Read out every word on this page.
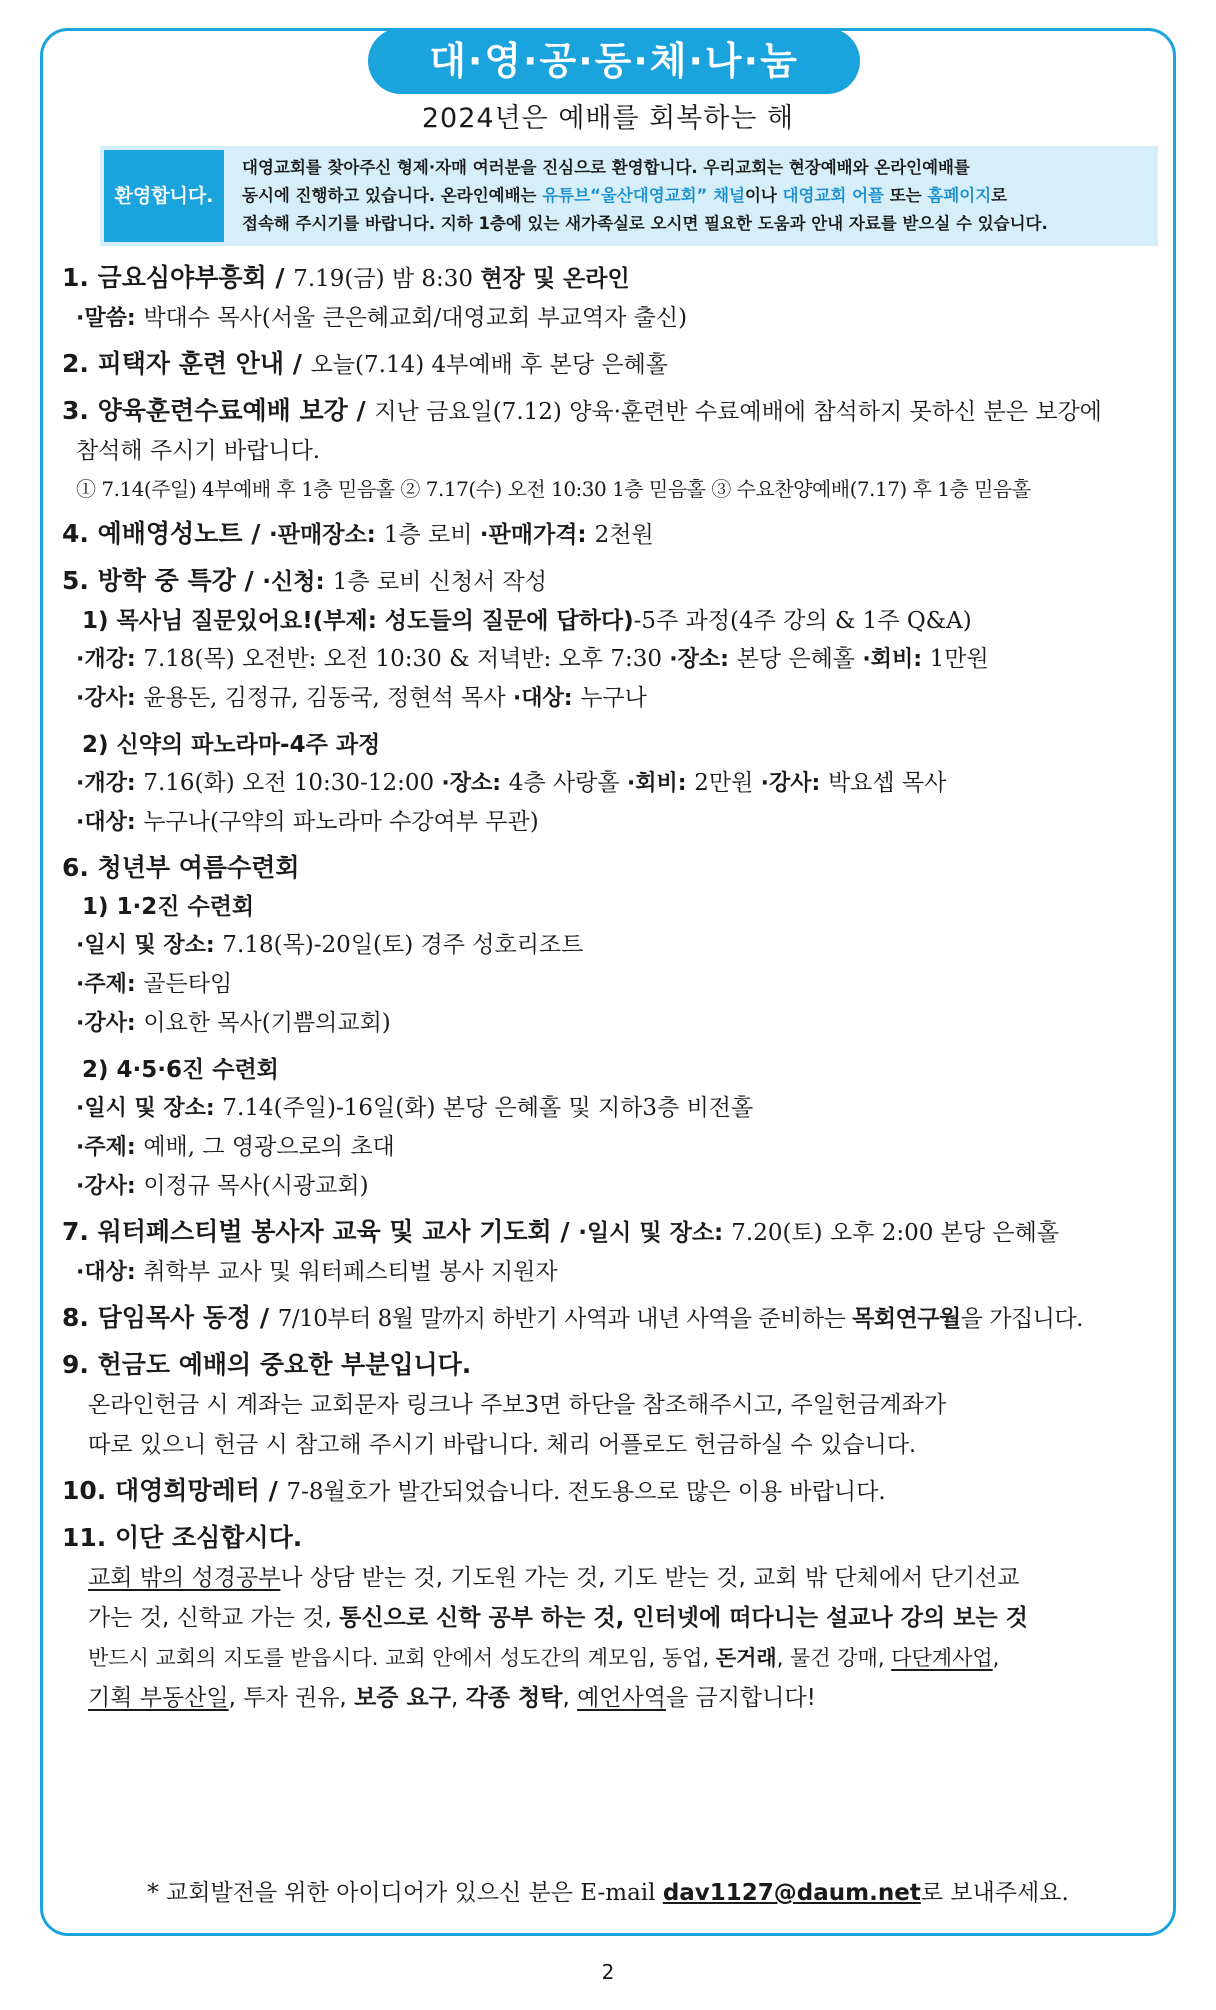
대·영·공·동·체·나·눔
2024년은 예배를 회복하는 해
환영합니다.
대영교회를 찾아주신 형제·자매 여러분을 진심으로 환영합니다. 우리교회는 현장예배와 온라인예배를
동시에 진행하고 있습니다. 온라인예배는 유튜브“울산대영교회” 채널이나 대영교회 어플 또는 홈페이지로
접속해 주시기를 바랍니다. 지하 1층에 있는 새가족실로 오시면 필요한 도움과 안내 자료를 받으실 수 있습니다.
1. 금요심야부흥회 / 7.19(금) 밤 8:30 현장 및 온라인
·말씀: 박대수 목사(서울 큰은혜교회/대영교회 부교역자 출신)
2. 피택자 훈련 안내 / 오늘(7.14) 4부예배 후 본당 은혜홀
3. 양육훈련수료예배 보강 / 지난 금요일(7.12) 양육·훈련반 수료예배에 참석하지 못하신 분은 보강에
참석해 주시기 바랍니다.
① 7.14(주일) 4부예배 후 1층 믿음홀 ② 7.17(수) 오전 10:30 1층 믿음홀 ③ 수요찬양예배(7.17) 후 1층 믿음홀
4. 예배영성노트 / ·판매장소: 1층 로비 ·판매가격: 2천원
5. 방학 중 특강 / ·신청: 1층 로비 신청서 작성
1) 목사님 질문있어요!(부제: 성도들의 질문에 답하다)-5주 과정(4주 강의 & 1주 Q&A)
·개강: 7.18(목) 오전반: 오전 10:30 & 저녁반: 오후 7:30 ·장소: 본당 은혜홀 ·회비: 1만원
·강사: 윤용돈, 김정규, 김동국, 정현석 목사 ·대상: 누구나
2) 신약의 파노라마-4주 과정
·개강: 7.16(화) 오전 10:30-12:00 ·장소: 4층 사랑홀 ·회비: 2만원 ·강사: 박요셉 목사
·대상: 누구나(구약의 파노라마 수강여부 무관)
6. 청년부 여름수련회
1) 1·2진 수련회
·일시 및 장소: 7.18(목)-20일(토) 경주 성호리조트
·주제: 골든타임
·강사: 이요한 목사(기쁨의교회)
2) 4·5·6진 수련회
·일시 및 장소: 7.14(주일)-16일(화) 본당 은혜홀 및 지하3층 비전홀
·주제: 예배, 그 영광으로의 초대
·강사: 이정규 목사(시광교회)
7. 워터페스티벌 봉사자 교육 및 교사 기도회 / ·일시 및 장소: 7.20(토) 오후 2:00 본당 은혜홀
·대상: 취학부 교사 및 워터페스티벌 봉사 지원자
8. 담임목사 동정 / 7/10부터 8월 말까지 하반기 사역과 내년 사역을 준비하는 목회연구월을 가집니다.
9. 헌금도 예배의 중요한 부분입니다.
온라인헌금 시 계좌는 교회문자 링크나 주보3면 하단을 참조해주시고, 주일헌금계좌가
따로 있으니 헌금 시 참고해 주시기 바랍니다. 체리 어플로도 헌금하실 수 있습니다.
10. 대영희망레터 / 7-8월호가 발간되었습니다. 전도용으로 많은 이용 바랍니다.
11. 이단 조심합시다.
교회 밖의 성경공부나 상담 받는 것, 기도원 가는 것, 기도 받는 것, 교회 밖 단체에서 단기선교
가는 것, 신학교 가는 것, 통신으로 신학 공부 하는 것, 인터넷에 떠다니는 설교나 강의 보는 것
반드시 교회의 지도를 받읍시다. 교회 안에서 성도간의 계모임, 동업, 돈거래, 물건 강매, 다단계사업,
기획 부동산일, 투자 권유, 보증 요구, 각종 청탁, 예언사역을 금지합니다!
* 교회발전을 위한 아이디어가 있으신 분은 E-mail dav1127@daum.net로 보내주세요.
2
